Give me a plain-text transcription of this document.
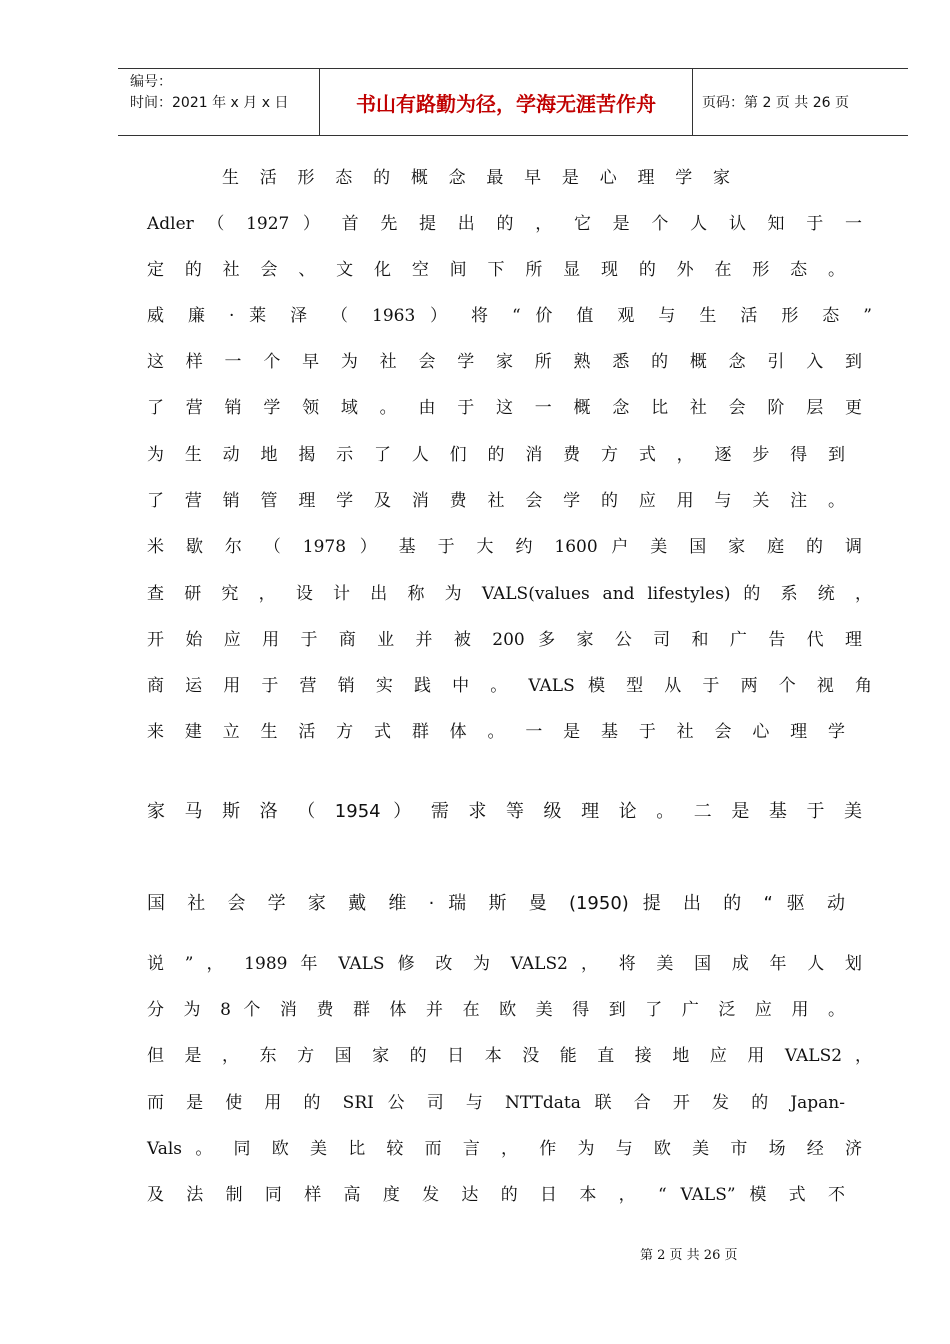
编号：
时间：2021 年 x 月 x 日	书山有路勤为径，学海无涯苦作舟	页码：第 2 页 共 26 页
生 活 形 态 的 概 念 最 早 是 心 理 学 家
Adler （ 1927 ） 首 先 提 出 的 ， 它 是 个 人 认 知 于 一
定 的 社 会 、 文 化 空 间 下 所 显 现 的 外 在 形 态 。
威 廉 · 莱 泽 （ 1963 ） 将 “ 价 值 观 与 生 活 形 态 ”
这 样 一 个 早 为 社 会 学 家 所 熟 悉 的 概 念 引 入 到
了 营 销 学 领 域 。 由 于 这 一 概 念 比 社 会 阶 层 更
为 生 动 地 揭 示 了 人 们 的 消 费 方 式 ， 逐 步 得 到
了 营 销 管 理 学 及 消 费 社 会 学 的 应 用 与 关 注 。
米 歇 尔 （ 1978 ） 基 于 大 约 1600 户 美 国 家 庭 的 调
查 研 究 ， 设 计 出 称 为 VALS(values and lifestyles) 的 系 统 ，
开 始 应 用 于 商 业 并 被 200 多 家 公 司 和 广 告 代 理
商 运 用 于 营 销 实 践 中 。 VALS 模 型 从 于 两 个 视 角
来 建 立 生 活 方 式 群 体 。 一 是 基 于 社 会 心 理 学
家 马 斯 洛 （ 1954 ） 需 求 等 级 理 论 。 二 是 基 于 美
国 社 会 学 家 戴 维 · 瑞 斯 曼 (1950) 提 出 的 “ 驱 动
说 ” ， 1989 年 VALS 修 改 为 VALS2 ， 将 美 国 成 年 人 划
分 为 8 个 消 费 群 体 并 在 欧 美 得 到 了 广 泛 应 用 。
但 是 ， 东 方 国 家 的 日 本 没 能 直 接 地 应 用 VALS2 ，
而 是 使 用 的 SRI 公 司 与 NTTdata 联 合 开 发 的 Japan-
Vals 。 同 欧 美 比 较 而 言 ， 作 为 与 欧 美 市 场 经 济
及 法 制 同 样 高 度 发 达 的 日 本 ， “ VALS” 模 式 不
第 2 页 共 26 页
